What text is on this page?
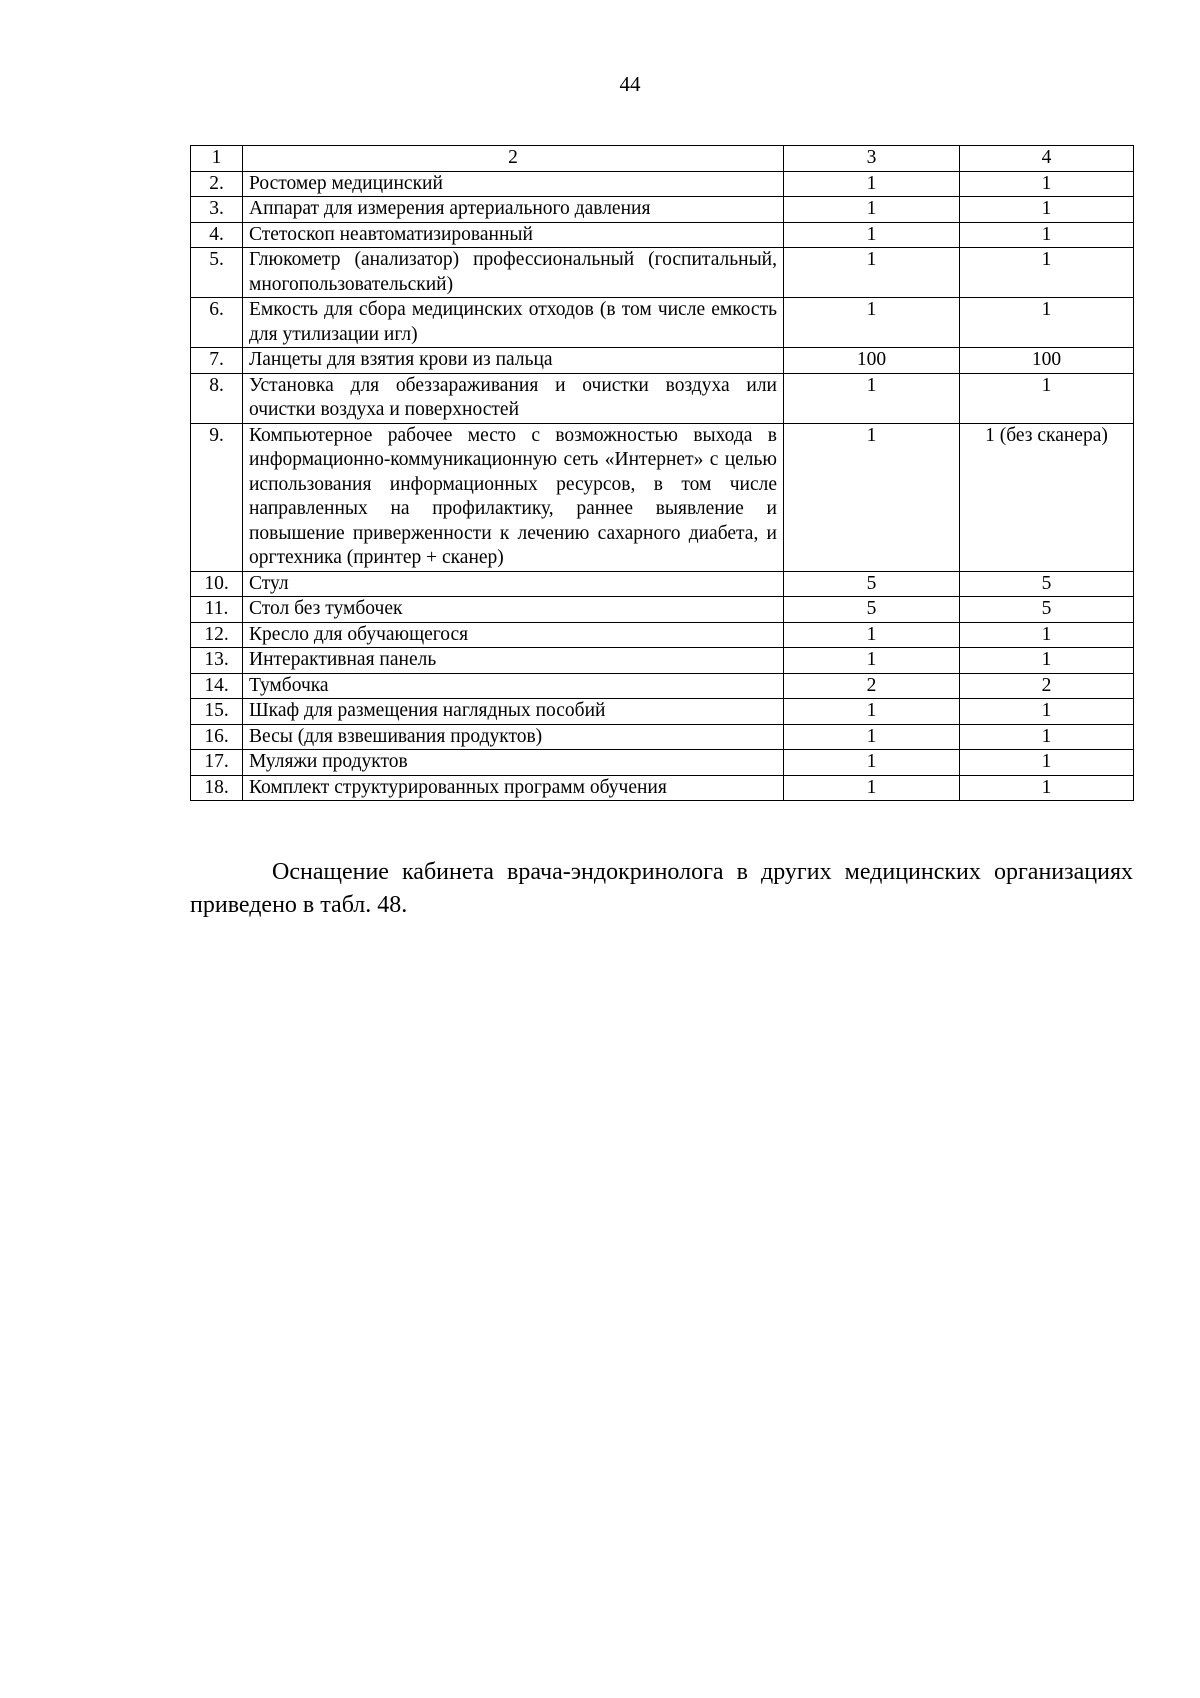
44
1	2	3	4
2.	Ростомер медицинский	1	1
3.	Аппарат для измерения артериального давления	1	1
4.	Стетоскоп неавтоматизированный	1	1
5.	Глюкометр (анализатор) профессиональный (госпитальный, многопользовательский)	1	1
6.	Емкость для сбора медицинских отходов (в том числе емкость для утилизации игл)	1	1
7.	Ланцеты для взятия крови из пальца	100	100
8.	Установка для обеззараживания и очистки воздуха или очистки воздуха и поверхностей	1	1
9.	Компьютерное рабочее место с возможностью выхода в информационно-коммуникационную сеть «Интернет» с целью использования информационных ресурсов, в том числе направленных на профилактику, раннее выявление и повышение приверженности к лечению сахарного диабета, и оргтехника (принтер + сканер)	1	1 (без сканера)
10.	Стул	5	5
11.	Стол без тумбочек	5	5
12.	Кресло для обучающегося	1	1
13.	Интерактивная панель	1	1
14.	Тумбочка	2	2
15.	Шкаф для размещения наглядных пособий	1	1
16.	Весы (для взвешивания продуктов)	1	1
17.	Муляжи продуктов	1	1
18.	Комплект структурированных программ обучения	1	1

Оснащение кабинета врача-эндокринолога в других медицинских организациях приведено в табл. 48.
